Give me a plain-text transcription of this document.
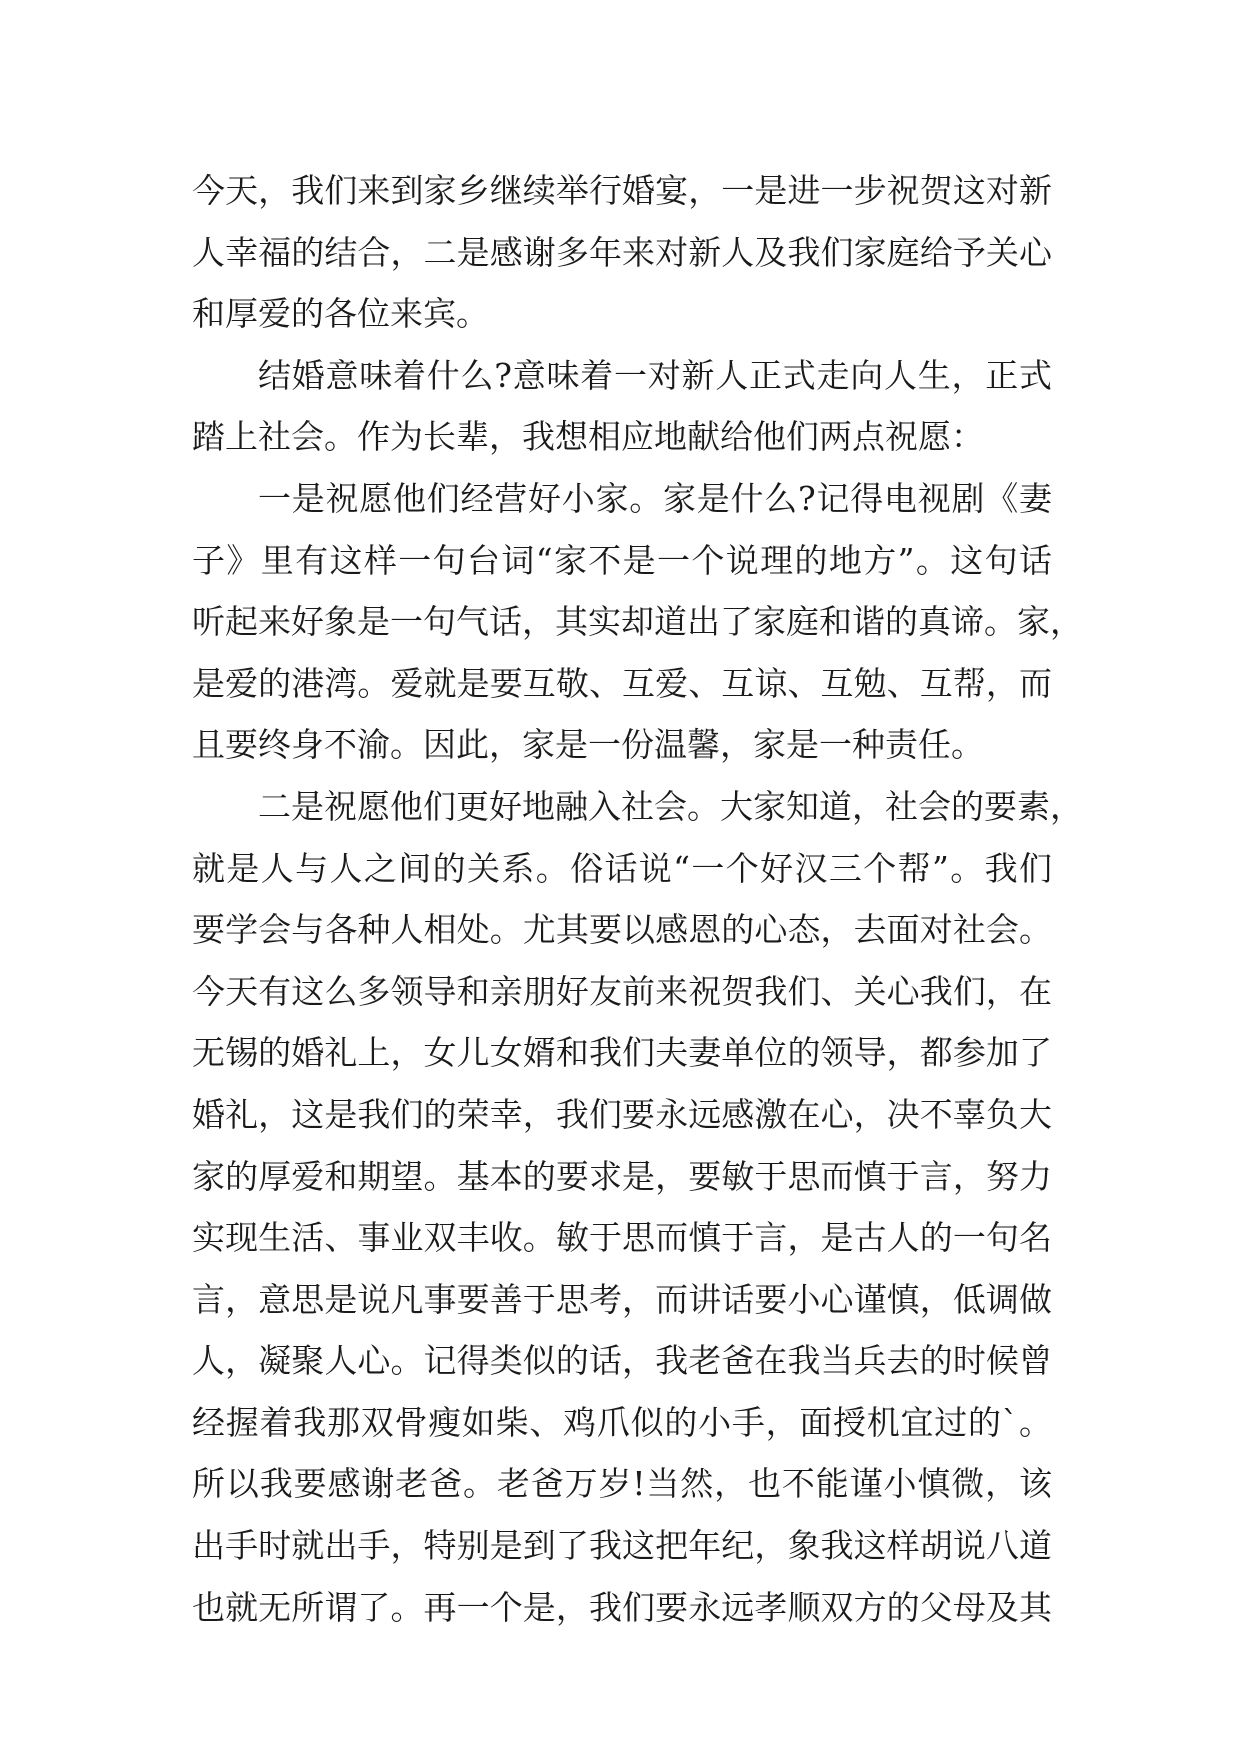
今天，我们来到家乡继续举行婚宴，一是进一步祝贺这对新
人幸福的结合，二是感谢多年来对新人及我们家庭给予关心
和厚爱的各位来宾。
结婚意味着什么?意味着一对新人正式走向人生，正式
踏上社会。作为长辈，我想相应地献给他们两点祝愿：
一是祝愿他们经营好小家。家是什么?记得电视剧《妻
子》里有这样一句台词“家不是一个说理的地方”。这句话
听起来好象是一句气话，其实却道出了家庭和谐的真谛。家，
是爱的港湾。爱就是要互敬、互爱、互谅、互勉、互帮，而
且要终身不渝。因此，家是一份温馨，家是一种责任。
二是祝愿他们更好地融入社会。大家知道，社会的要素，
就是人与人之间的关系。俗话说“一个好汉三个帮”。我们
要学会与各种人相处。尤其要以感恩的心态，去面对社会。
今天有这么多领导和亲朋好友前来祝贺我们、关心我们，在
无锡的婚礼上，女儿女婿和我们夫妻单位的领导，都参加了
婚礼，这是我们的荣幸，我们要永远感激在心，决不辜负大
家的厚爱和期望。基本的要求是，要敏于思而慎于言，努力
实现生活、事业双丰收。敏于思而慎于言，是古人的一句名
言，意思是说凡事要善于思考，而讲话要小心谨慎，低调做
人，凝聚人心。记得类似的话，我老爸在我当兵去的时候曾
经握着我那双骨瘦如柴、鸡爪似的小手，面授机宜过的`。
所以我要感谢老爸。老爸万岁!当然，也不能谨小慎微，该
出手时就出手，特别是到了我这把年纪，象我这样胡说八道
也就无所谓了。再一个是，我们要永远孝顺双方的父母及其
